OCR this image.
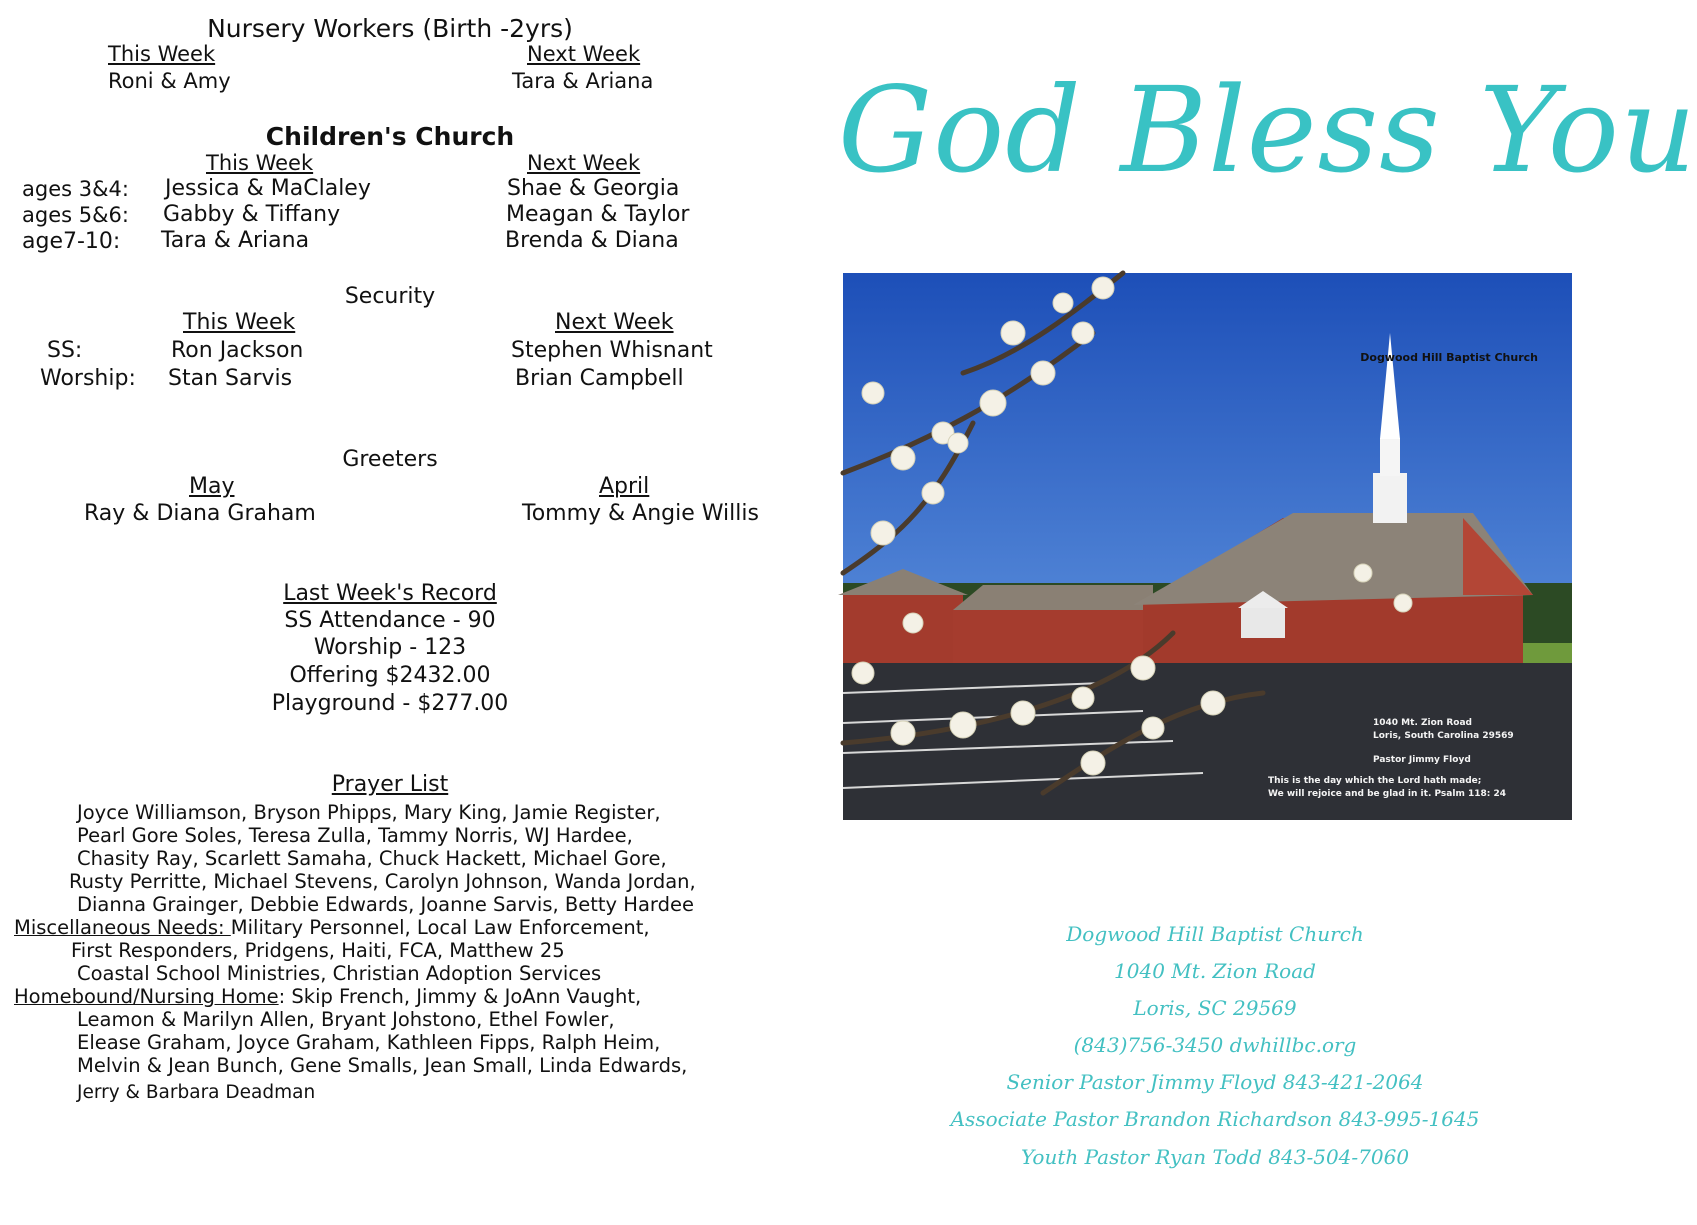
Nursery Workers (Birth -2yrs)
This Week	Next Week
Roni & Amy	Tara & Ariana
Children's Church
This Week	Next Week
ages 3&4: Jessica & MaClaley	Shae & Georgia
ages 5&6: Gabby & Tiffany	Meagan & Taylor
age7-10: Tara & Ariana	Brenda & Diana
Security
This Week	Next Week
SS:	Ron Jackson	Stephen Whisnant
Worship: Stan Sarvis	Brian Campbell
Greeters
May	April
Ray & Diana Graham	Tommy & Angie Willis
Last Week's Record
SS Attendance - 90
Worship - 123
Offering $2432.00
Playground - $277.00
Prayer List
Joyce Williamson, Bryson Phipps, Mary King, Jamie Register,
Pearl Gore Soles, Teresa Zulla, Tammy Norris, WJ Hardee,
Chasity Ray, Scarlett Samaha, Chuck Hackett, Michael Gore,
Rusty Perritte, Michael Stevens, Carolyn Johnson, Wanda Jordan,
Dianna Grainger, Debbie Edwards, Joanne Sarvis, Betty Hardee
Miscellaneous Needs: Military Personnel, Local Law Enforcement,
First Responders, Pridgens, Haiti, FCA, Matthew 25
Coastal School Ministries, Christian Adoption Services
Homebound/Nursing Home: Skip French, Jimmy & JoAnn Vaught,
Leamon & Marilyn Allen, Bryant Johstono, Ethel Fowler,
Elease Graham, Joyce Graham, Kathleen Fipps, Ralph Heim,
Melvin & Jean Bunch, Gene Smalls, Jean Small, Linda Edwards,
Jerry & Barbara Deadman
God Bless You
Dogwood Hill Baptist Church
1040 Mt. Zion Road
Loris, South Carolina 29569
Pastor Jimmy Floyd
This is the day which the Lord hath made;
We will rejoice and be glad in it. Psalm 118: 24
Dogwood Hill Baptist Church
1040 Mt. Zion Road
Loris, SC 29569
(843)756-3450 dwhillbc.org
Senior Pastor Jimmy Floyd 843-421-2064
Associate Pastor Brandon Richardson 843-995-1645
Youth Pastor Ryan Todd 843-504-7060
